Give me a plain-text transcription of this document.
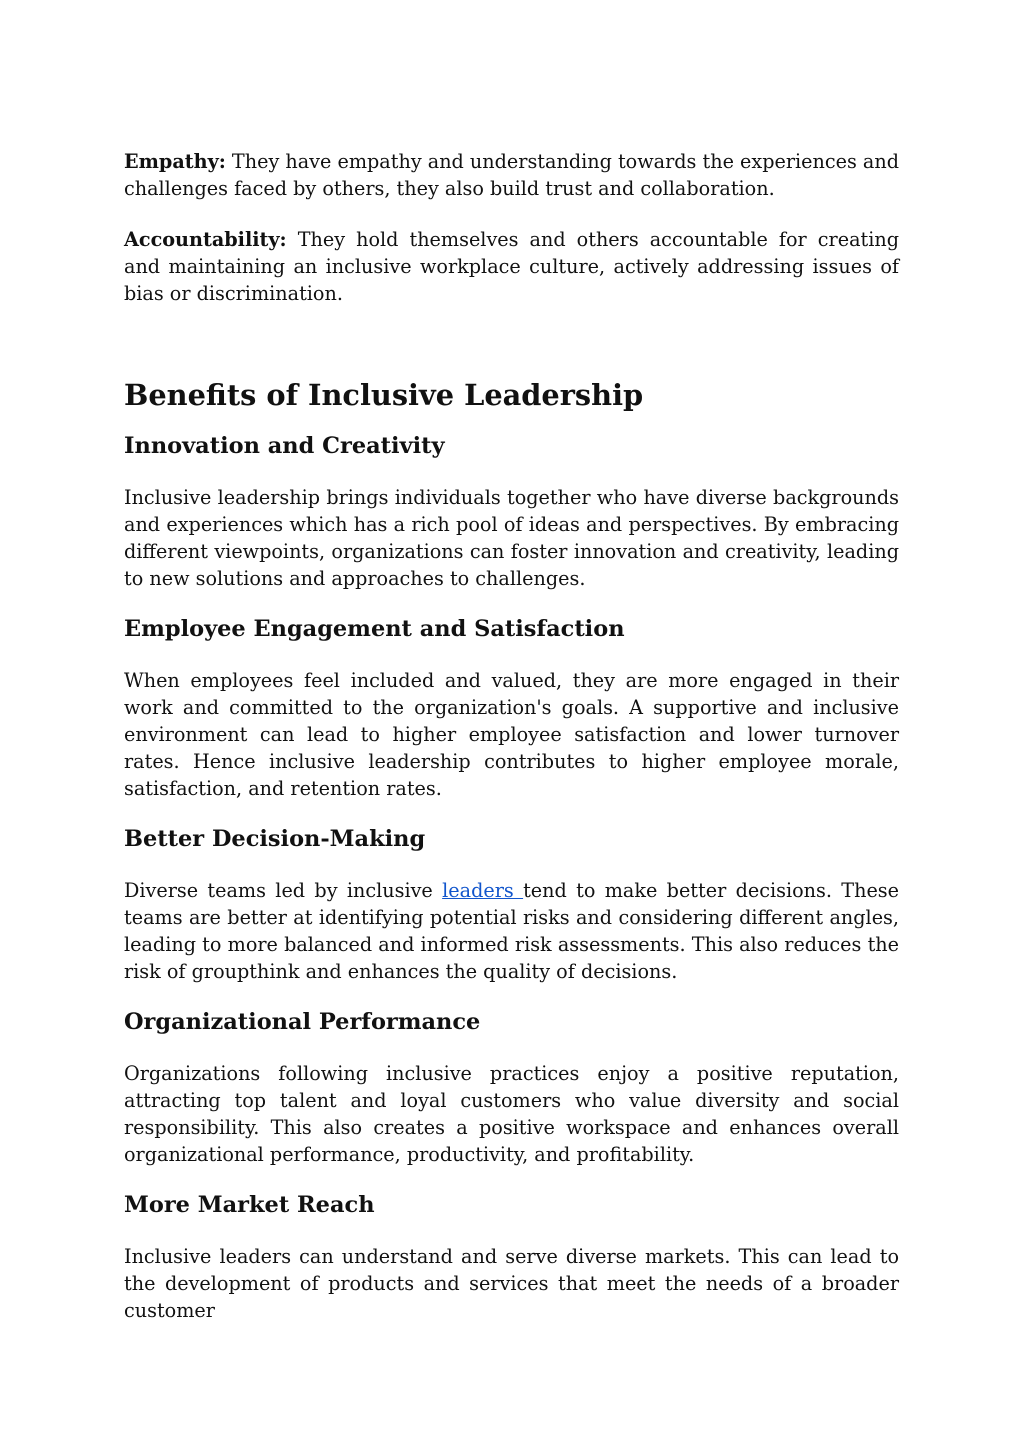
Empathy: They have empathy and understanding towards the experiences and challenges faced by others, they also build trust and collaboration.

Accountability: They hold themselves and others accountable for creating and maintaining an inclusive workplace culture, actively addressing issues of bias or discrimination.

Benefits of Inclusive Leadership
Innovation and Creativity

Inclusive leadership brings individuals together who have diverse backgrounds and experiences which has a rich pool of ideas and perspectives. By embracing different viewpoints, organizations can foster innovation and creativity, leading to new solutions and approaches to challenges.

Employee Engagement and Satisfaction

When employees feel included and valued, they are more engaged in their work and committed to the organization's goals. A supportive and inclusive environment can lead to higher employee satisfaction and lower turnover rates. Hence inclusive leadership contributes to higher employee morale, satisfaction, and retention rates.

Better Decision-Making

Diverse teams led by inclusive leaders tend to make better decisions. These teams are better at identifying potential risks and considering different angles, leading to more balanced and informed risk assessments. This also reduces the risk of groupthink and enhances the quality of decisions.

Organizational Performance

Organizations following inclusive practices enjoy a positive reputation, attracting top talent and loyal customers who value diversity and social responsibility. This also creates a positive workspace and enhances overall organizational performance, productivity, and profitability.

More Market Reach

Inclusive leaders can understand and serve diverse markets. This can lead to the development of products and services that meet the needs of a broader customer
